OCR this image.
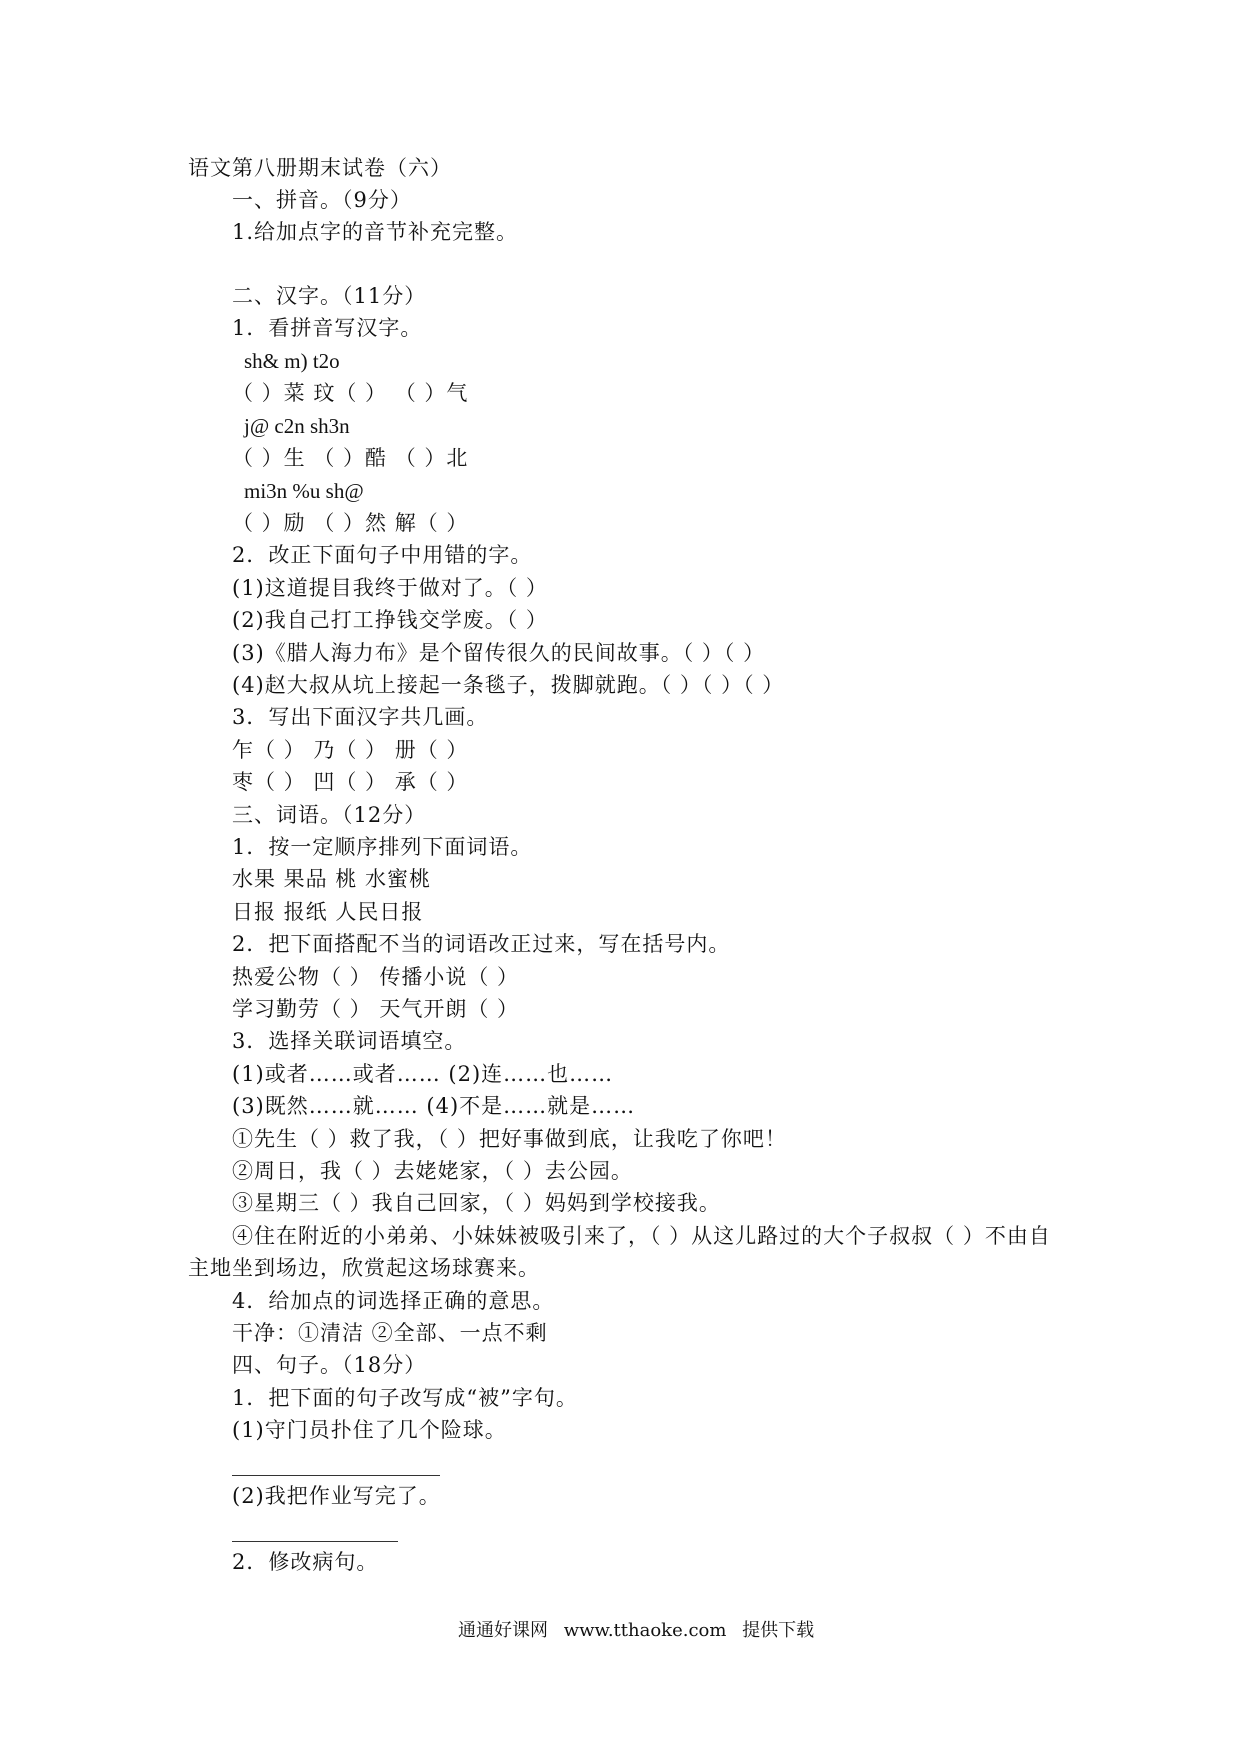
语文第八册期末试卷（六）
一、拼音。（9分）
1.给加点字的音节补充完整。
二、汉字。（11分）
1．看拼音写汉字。
sh& m) t2o
（ ）菜 玟（ ） （ ）气
j@ c2n sh3n
（ ）生 （ ）酷 （ ）北
mi3n %u sh@
（ ）励 （ ）然 解（ ）
2．改正下面句子中用错的字。
(1)这道提目我终于做对了。（ ）
(2)我自己打工挣钱交学废。（ ）
(3)《腊人海力布》是个留传很久的民间故事。（ ）（ ）
(4)赵大叔从坑上接起一条毯子，拨脚就跑。（ ）（ ）（ ）
3．写出下面汉字共几画。
乍（ ） 乃（ ） 册（ ）
枣（ ） 凹（ ） 承（ ）
三、词语。（12分）
1．按一定顺序排列下面词语。
水果 果品 桃 水蜜桃
日报 报纸 人民日报
2．把下面搭配不当的词语改正过来，写在括号内。
热爱公物（ ） 传播小说（ ）
学习勤劳（ ） 天气开朗（ ）
3．选择关联词语填空。
(1)或者……或者…… (2)连……也……
(3)既然……就…… (4)不是……就是……
①先生（ ）救了我，（ ）把好事做到底，让我吃了你吧！
②周日，我（ ）去姥姥家，（ ）去公园。
③星期三（ ）我自己回家，（ ）妈妈到学校接我。
④住在附近的小弟弟、小妹妹被吸引来了，（ ）从这儿路过的大个子叔叔（ ）不由自
主地坐到场边，欣赏起这场球赛来。
4．给加点的词选择正确的意思。
干净：①清洁 ②全部、一点不剩
四、句子。（18分）
1．把下面的句子改写成“被”字句。
(1)守门员扑住了几个险球。
(2)我把作业写完了。
2．修改病句。
通通好课网 www.tthaoke.com 提供下载
